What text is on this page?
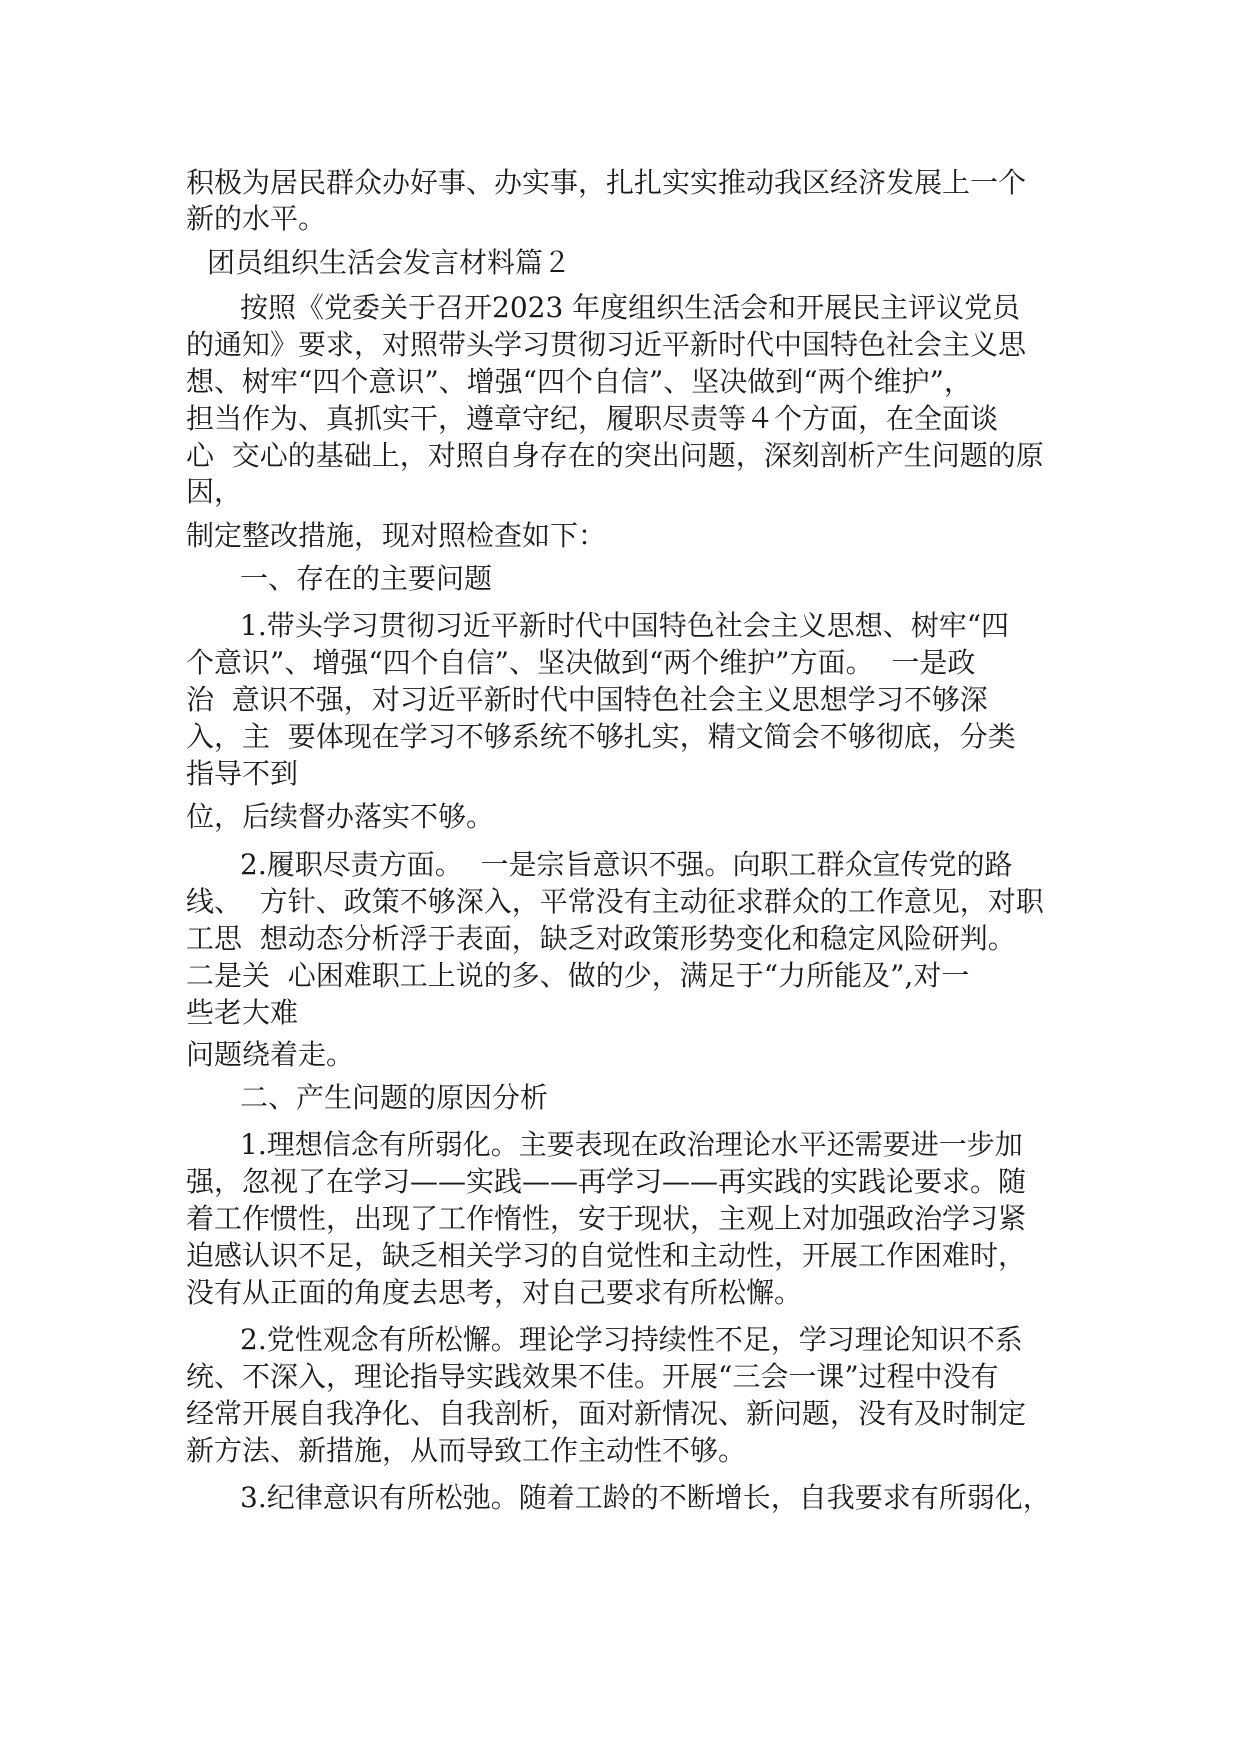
积极为居民群众办好事、办实事，扎扎实实推动我区经济发展上一个

新的水平。

团员组织生活会发言材料篇２

按照《党委关于召开2023 年度组织生活会和开展民主评议党员

的通知》要求，对照带头学习贯彻习近平新时代中国特色社会主义思

想、树牢“四个意识”、增强“四个自信”、坚决做到“两个维护”，

担当作为、真抓实干，遵章守纪，履职尽责等４个方面，在全面谈

心  交心的基础上，对照自身存在的突出问题，深刻剖析产生问题的原

因，

制定整改措施，现对照检查如下：

一、存在的主要问题

1.带头学习贯彻习近平新时代中国特色社会主义思想、树牢“四

个意识”、增强“四个自信”、坚决做到“两个维护”方面。  一是政

治  意识不强，对习近平新时代中国特色社会主义思想学习不够深

入，主  要体现在学习不够系统不够扎实，精文简会不够彻底，分类

指导不到

位，后续督办落实不够。

2.履职尽责方面。  一是宗旨意识不强。向职工群众宣传党的路

线、  方针、政策不够深入，平常没有主动征求群众的工作意见，对职

工思  想动态分析浮于表面，缺乏对政策形势变化和稳定风险研判。

二是关  心困难职工上说的多、做的少，满足于“力所能及”,对一

些老大难

问题绕着走。

二、产生问题的原因分析

1.理想信念有所弱化。主要表现在政治理论水平还需要进一步加

强，忽视了在学习——实践——再学习——再实践的实践论要求。随

着工作惯性，出现了工作惰性，安于现状，主观上对加强政治学习紧

迫感认识不足，缺乏相关学习的自觉性和主动性，开展工作困难时，

没有从正面的角度去思考，对自己要求有所松懈。

2.党性观念有所松懈。理论学习持续性不足，学习理论知识不系

统、不深入，理论指导实践效果不佳。开展“三会一课”过程中没有

经常开展自我净化、自我剖析，面对新情况、新问题，没有及时制定

新方法、新措施，从而导致工作主动性不够。

3.纪律意识有所松弛。随着工龄的不断增长，自我要求有所弱化，
